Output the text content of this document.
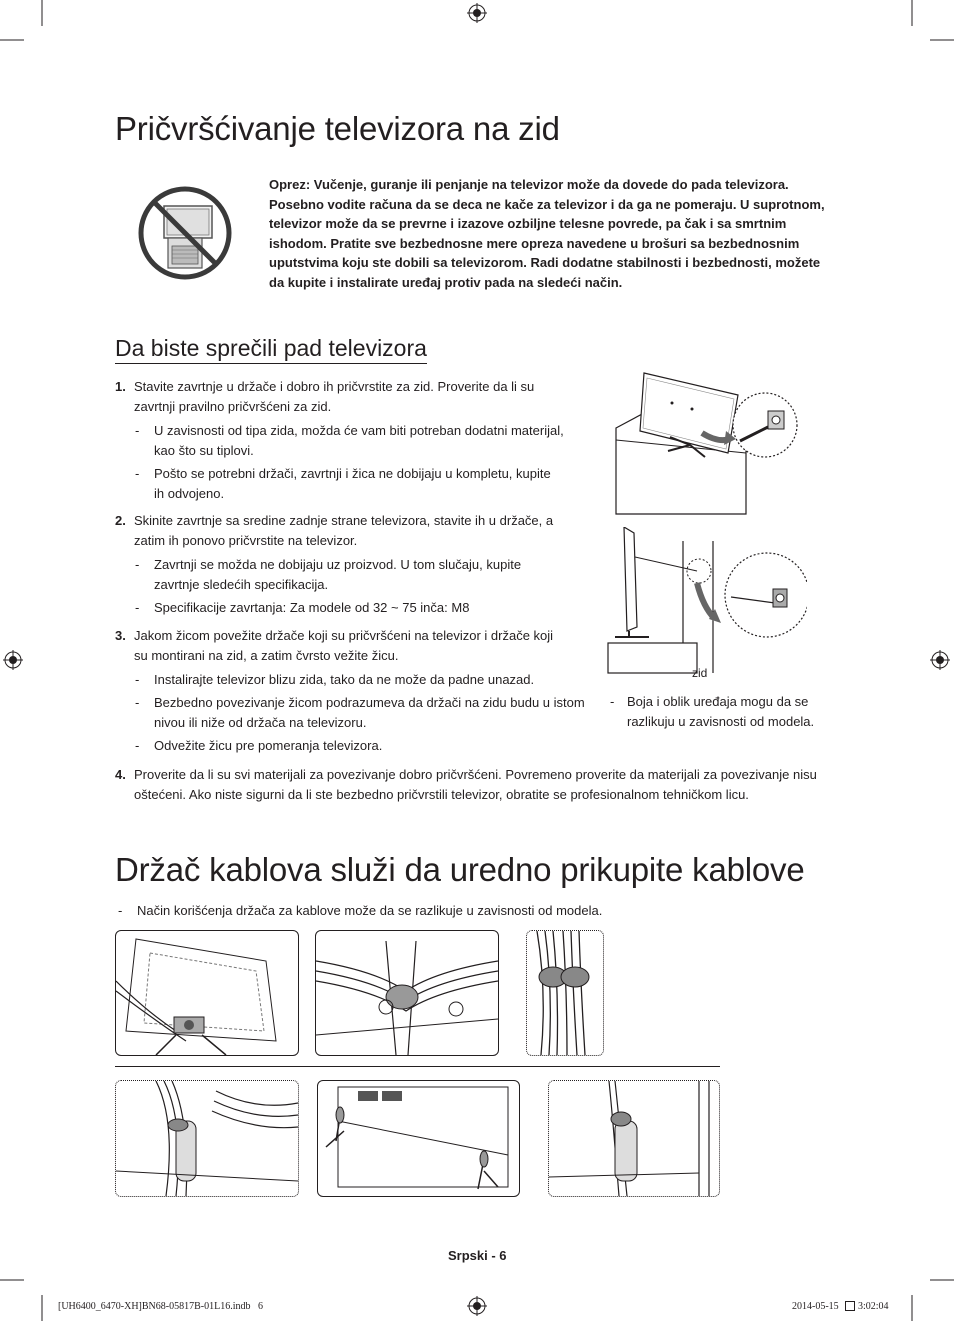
Pričvršćivanje televizora na zid
Oprez: Vučenje, guranje ili penjanje na televizor može da dovede do pada televizora. Posebno vodite računa da se deca ne kače za televizor i da ga ne pomeraju. U suprotnom, televizor može da se prevrne i izazove ozbiljne telesne povrede, pa čak i sa smrtnim ishodom. Pratite sve bezbednosne mere opreza navedene u brošuri sa bezbednosnim uputstvima koju ste dobili sa televizorom. Radi dodatne stabilnosti i bezbednosti, možete da kupite i instalirate uređaj protiv pada na sledeći način.
Da biste sprečili pad televizora
1. Stavite zavrtnje u držače i dobro ih pričvrstite za zid. Proverite da li su zavrtnji pravilno pričvršćeni za zid.
- U zavisnosti od tipa zida, možda će vam biti potreban dodatni materijal, kao što su tiplovi.
- Pošto se potrebni držači, zavrtnji i žica ne dobijaju u kompletu, kupite ih odvojeno.
2. Skinite zavrtnje sa sredine zadnje strane televizora, stavite ih u držače, a zatim ih ponovo pričvrstite na televizor.
- Zavrtnji se možda ne dobijaju uz proizvod. U tom slučaju, kupite zavrtnje sledećih specifikacija.
- Specifikacije zavrtanja: Za modele od 32 ~ 75 inča: M8
3. Jakom žicom povežite držače koji su pričvršćeni na televizor i držače koji su montirani na zid, a zatim čvrsto vežite žicu.
- Instalirajte televizor blizu zida, tako da ne može da padne unazad.
- Bezbedno povezivanje žicom podrazumeva da držači na zidu budu u istom nivou ili niže od držača na televizoru.
- Odvežite žicu pre pomeranja televizora.
4. Proverite da li su svi materijali za povezivanje dobro pričvršćeni. Povremeno proverite da materijali za povezivanje nisu oštećeni. Ako niste sigurni da li ste bezbedno pričvrstili televizor, obratite se profesionalnom tehničkom licu.
zid
- Boja i oblik uređaja mogu da se razlikuju u zavisnosti od modela.
Držač kablova služi da uredno prikupite kablove
- Način korišćenja držača za kablove može da se razlikuje u zavisnosti od modela.
Srpski - 6
[UH6400_6470-XH]BN68-05817B-01L16.indb   6	2014-05-15 3:02:04
